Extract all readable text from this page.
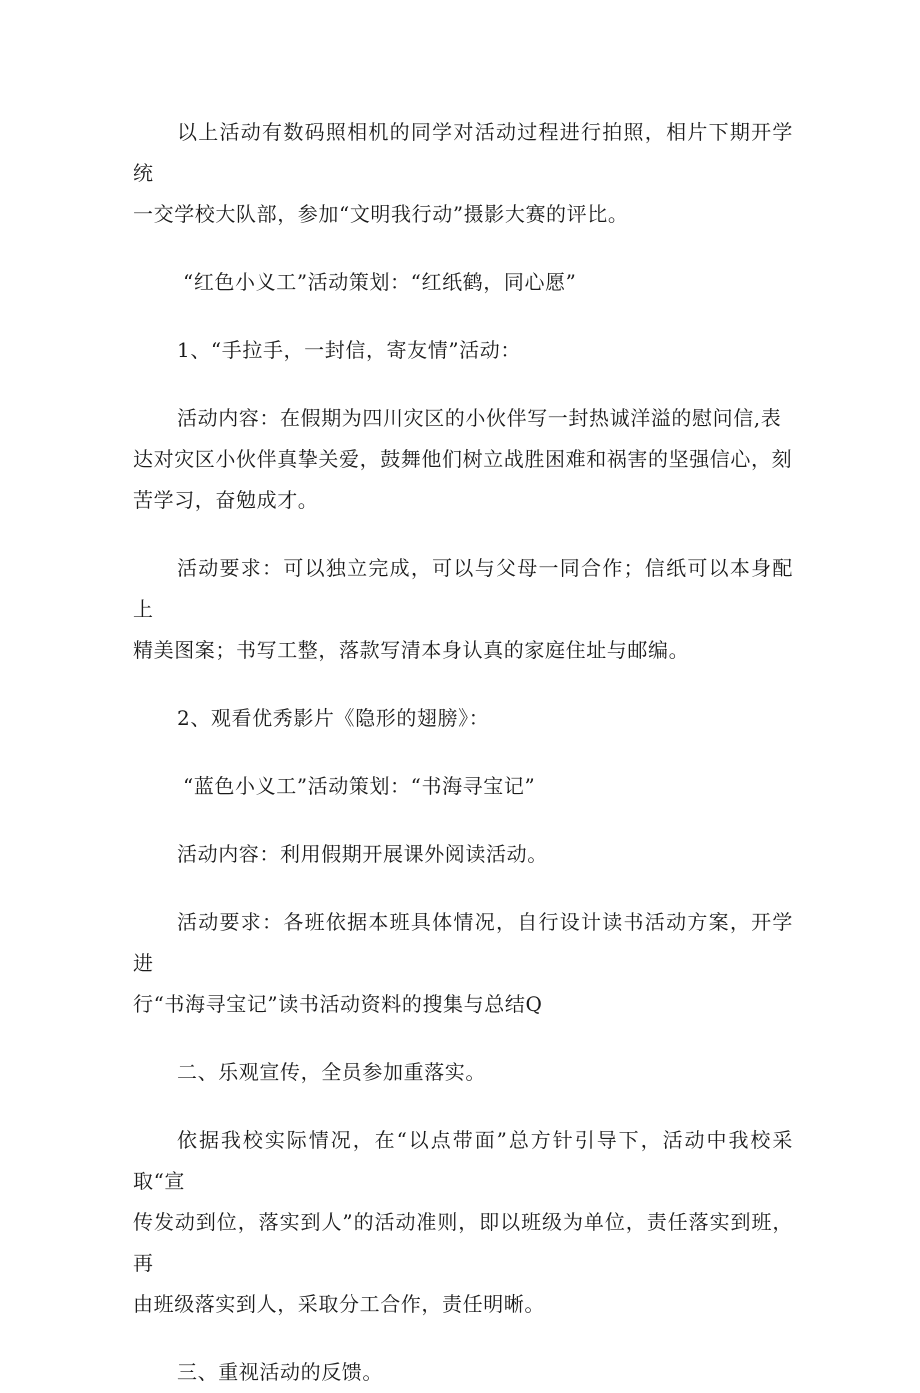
以上活动有数码照相机的同学对活动过程进行拍照，相片下期开学统
一交学校大队部，参加“文明我行动”摄影大赛的评比。

“红色小义工”活动策划：“红纸鹤，同心愿”

1、“手拉手，一封信，寄友情”活动：

活动内容：在假期为四川灾区的小伙伴写一封热诚洋溢的慰问信,表
达对灾区小伙伴真挚关爱，鼓舞他们树立战胜困难和祸害的坚强信心，刻
苦学习，奋勉成才。

活动要求：可以独立完成，可以与父母一同合作；信纸可以本身配上
精美图案；书写工整，落款写清本身认真的家庭住址与邮编。

2、观看优秀影片《隐形的翅膀》：

“蓝色小义工”活动策划：“书海寻宝记”

活动内容：利用假期开展课外阅读活动。

活动要求：各班依据本班具体情况，自行设计读书活动方案，开学进
行“书海寻宝记”读书活动资料的搜集与总结Q

二、乐观宣传，全员参加重落实。

依据我校实际情况，在“以点带面”总方针引导下，活动中我校采取“宣
传发动到位，落实到人”的活动准则，即以班级为单位，责任落实到班，再
由班级落实到人，采取分工合作，责任明晰。

三、重视活动的反馈。
